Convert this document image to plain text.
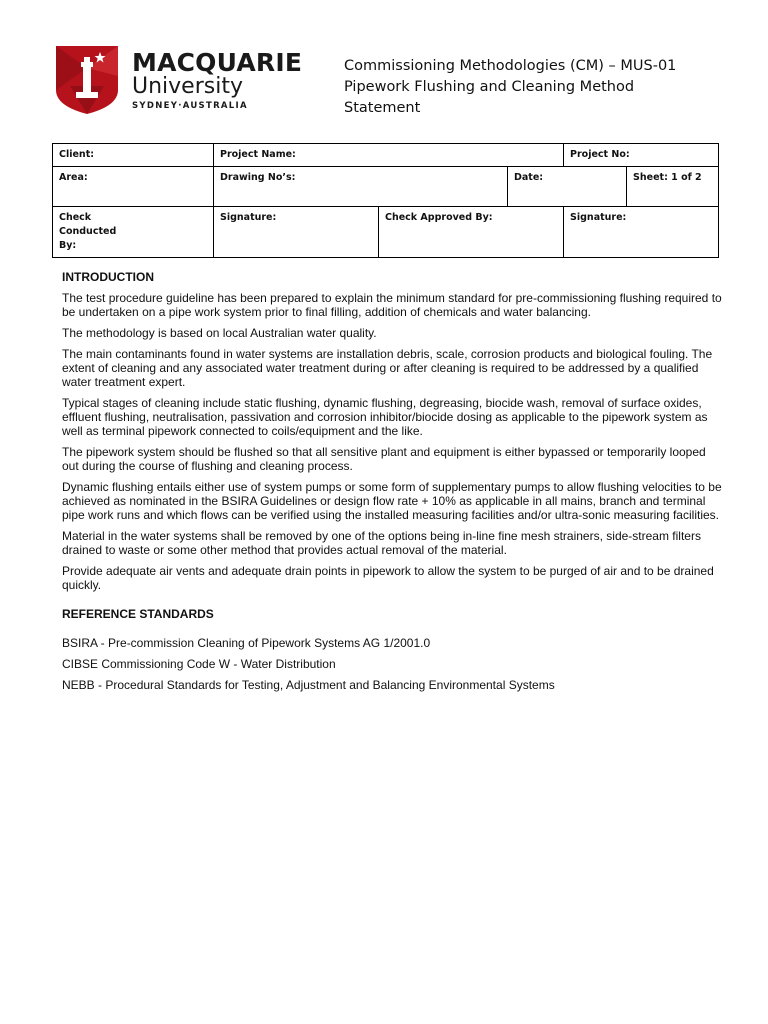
MACQUARIE
University
SYDNEY·AUSTRALIA
Commissioning Methodologies (CM) – MUS-01
Pipework Flushing and Cleaning Method
Statement
Client:	Project Name:			Project No:	
Area:	Drawing No’s:		Date:		Sheet: 1 of 2

Check
Conducted
By:	Signature:	Check Approved By:		Signature:	
INTRODUCTION

The test procedure guideline has been prepared to explain the minimum standard for pre-commissioning flushing required to be undertaken on a pipe work system prior to final filling, addition of chemicals and water balancing.

The methodology is based on local Australian water quality.

The main contaminants found in water systems are installation debris, scale, corrosion products and biological fouling. The extent of cleaning and any associated water treatment during or after cleaning is required to be addressed by a qualified water treatment expert.

Typical stages of cleaning include static flushing, dynamic flushing, degreasing, biocide wash, removal of surface oxides, effluent flushing, neutralisation, passivation and corrosion inhibitor/biocide dosing as applicable to the pipework system as well as terminal pipework connected to coils/equipment and the like.

The pipework system should be flushed so that all sensitive plant and equipment is either bypassed or temporarily looped out during the course of flushing and cleaning process.

Dynamic flushing entails either use of system pumps or some form of supplementary pumps to allow flushing velocities to be achieved as nominated in the BSIRA Guidelines or design flow rate + 10% as applicable in all mains, branch and terminal pipe work runs and which flows can be verified using the installed measuring facilities and/or ultra-sonic measuring facilities.

Material in the water systems shall be removed by one of the options being in-line fine mesh strainers, side-stream filters drained to waste or some other method that provides actual removal of the material.

Provide adequate air vents and adequate drain points in pipework to allow the system to be purged of air and to be drained quickly.

REFERENCE STANDARDS

BSIRA - Pre-commission Cleaning of Pipework Systems AG 1/2001.0

CIBSE Commissioning Code W - Water Distribution

NEBB - Procedural Standards for Testing, Adjustment and Balancing Environmental Systems
